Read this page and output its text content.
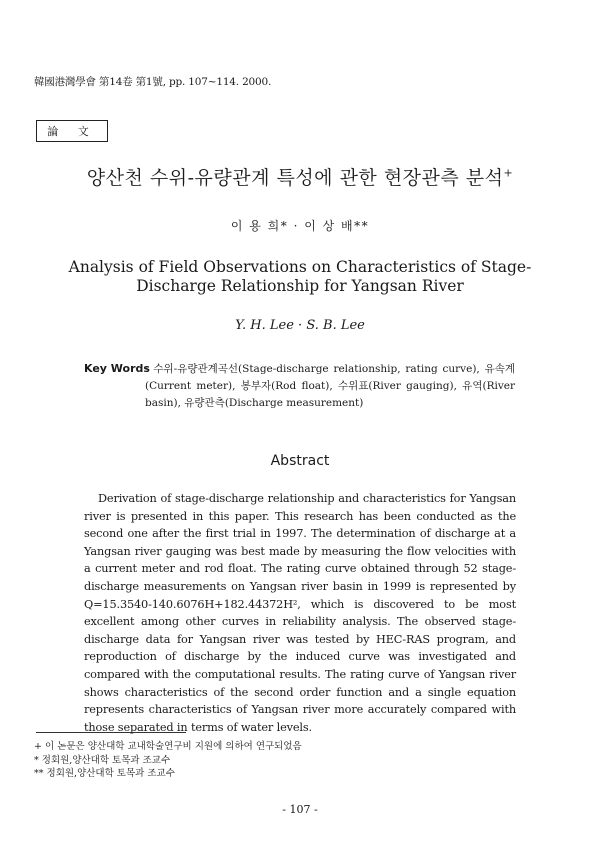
韓國港灣學會 第14卷 第1號, pp. 107~114. 2000.
論 文
양산천 수위-유량관계 특성에 관한 현장관측 분석+
이 용 희* · 이 상 배**
Analysis of Field Observations on Characteristics of Stage-Discharge Relationship for Yangsan River
Y. H. Lee · S. B. Lee
Key Words
: 수위-유량관계곡선(Stage-discharge relationship, rating curve), 유속계(Current meter), 봉부자(Rod float), 수위표(River gauging), 유역(River basin), 유량관측(Discharge measurement)
Abstract

Derivation of stage-discharge relationship and characteristics for Yangsan river is presented in this paper. This research has been conducted as the second one after the first trial in 1997. The determination of discharge at a Yangsan river gauging was best made by measuring the flow velocities with a current meter and rod float. The rating curve obtained through 52 stage-discharge measurements on Yangsan river basin in 1999 is represented by Q=15.3540-140.6076H+182.44372H², which is discovered to be most excellent among other curves in reliability analysis. The observed stage-discharge data for Yangsan river was tested by HEC-RAS program, and reproduction of discharge by the induced curve was investigated and compared with the computational results. The rating curve of Yangsan river shows characteristics of the second order function and a single equation represents characteristics of Yangsan river more accurately compared with those separated in terms of water levels.

+ 이 논문은 양산대학 교내학술연구비 지원에 의하여 연구되었음
* 정회원,양산대학 토목과 조교수
** 정회원,양산대학 토목과 조교수
- 107 -
